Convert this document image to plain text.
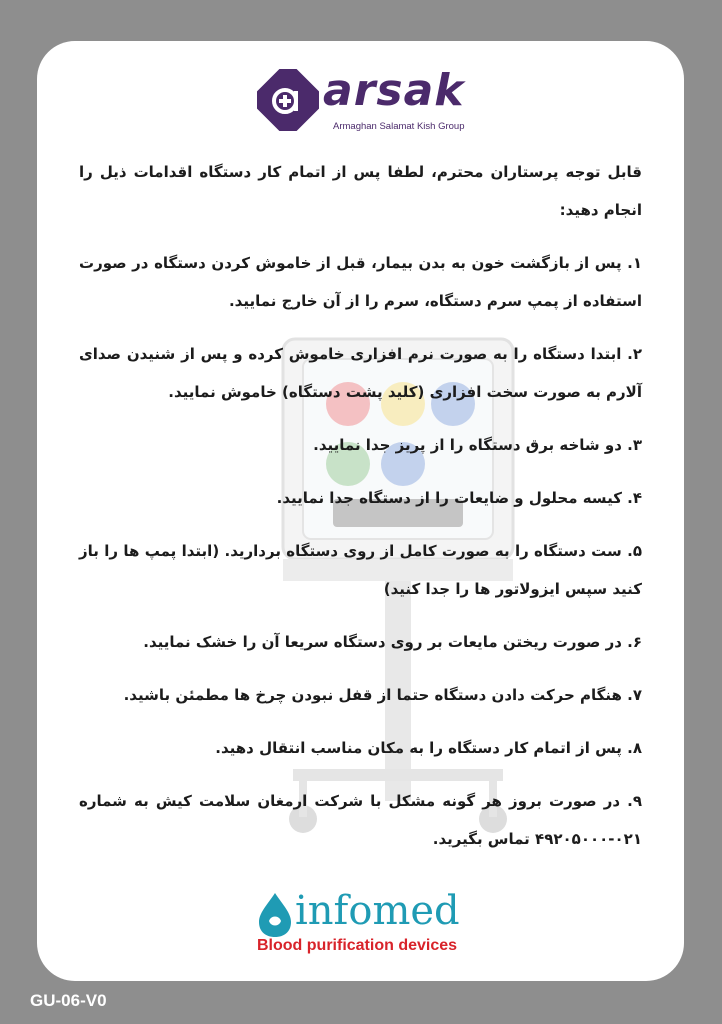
arsak
Armaghan Salamat Kish Group

قابل توجه پرستاران محترم، لطفا پس از اتمام کار دستگاه اقدامات ذیل را انجام دهید:

۱. پس از بازگشت خون به بدن بیمار، قبل از خاموش کردن دستگاه در صورت استفاده از پمپ سرم دستگاه، سرم را از آن خارج نمایید.

۲. ابتدا دستگاه را به صورت نرم افزاری خاموش کرده و پس از شنیدن صدای آلارم به صورت سخت افزاری (کلید پشت دستگاه) خاموش نمایید.

۳. دو شاخه برق دستگاه را از پریز جدا نمایید.

۴. کیسه محلول و ضایعات را از دستگاه جدا نمایید.

۵. ست دستگاه را به صورت کامل از روی دستگاه بردارید. (ابتدا پمپ ها را باز کنید سپس ایزولاتور ها را جدا کنید)

۶. در صورت ریختن مایعات بر روی دستگاه سریعا آن را خشک نمایید.

۷. هنگام حرکت دادن دستگاه حتما از قفل نبودن چرخ ها مطمئن باشید.

۸. پس از اتمام کار دستگاه را به مکان مناسب انتقال دهید.

۹. در صورت بروز هر گونه مشکل با شرکت ارمغان سلامت کیش به شماره ۰۲۱-۴۹۲۰۵۰۰۰ تماس بگیرید.

infomed
Blood purification devices
GU-06-V0
